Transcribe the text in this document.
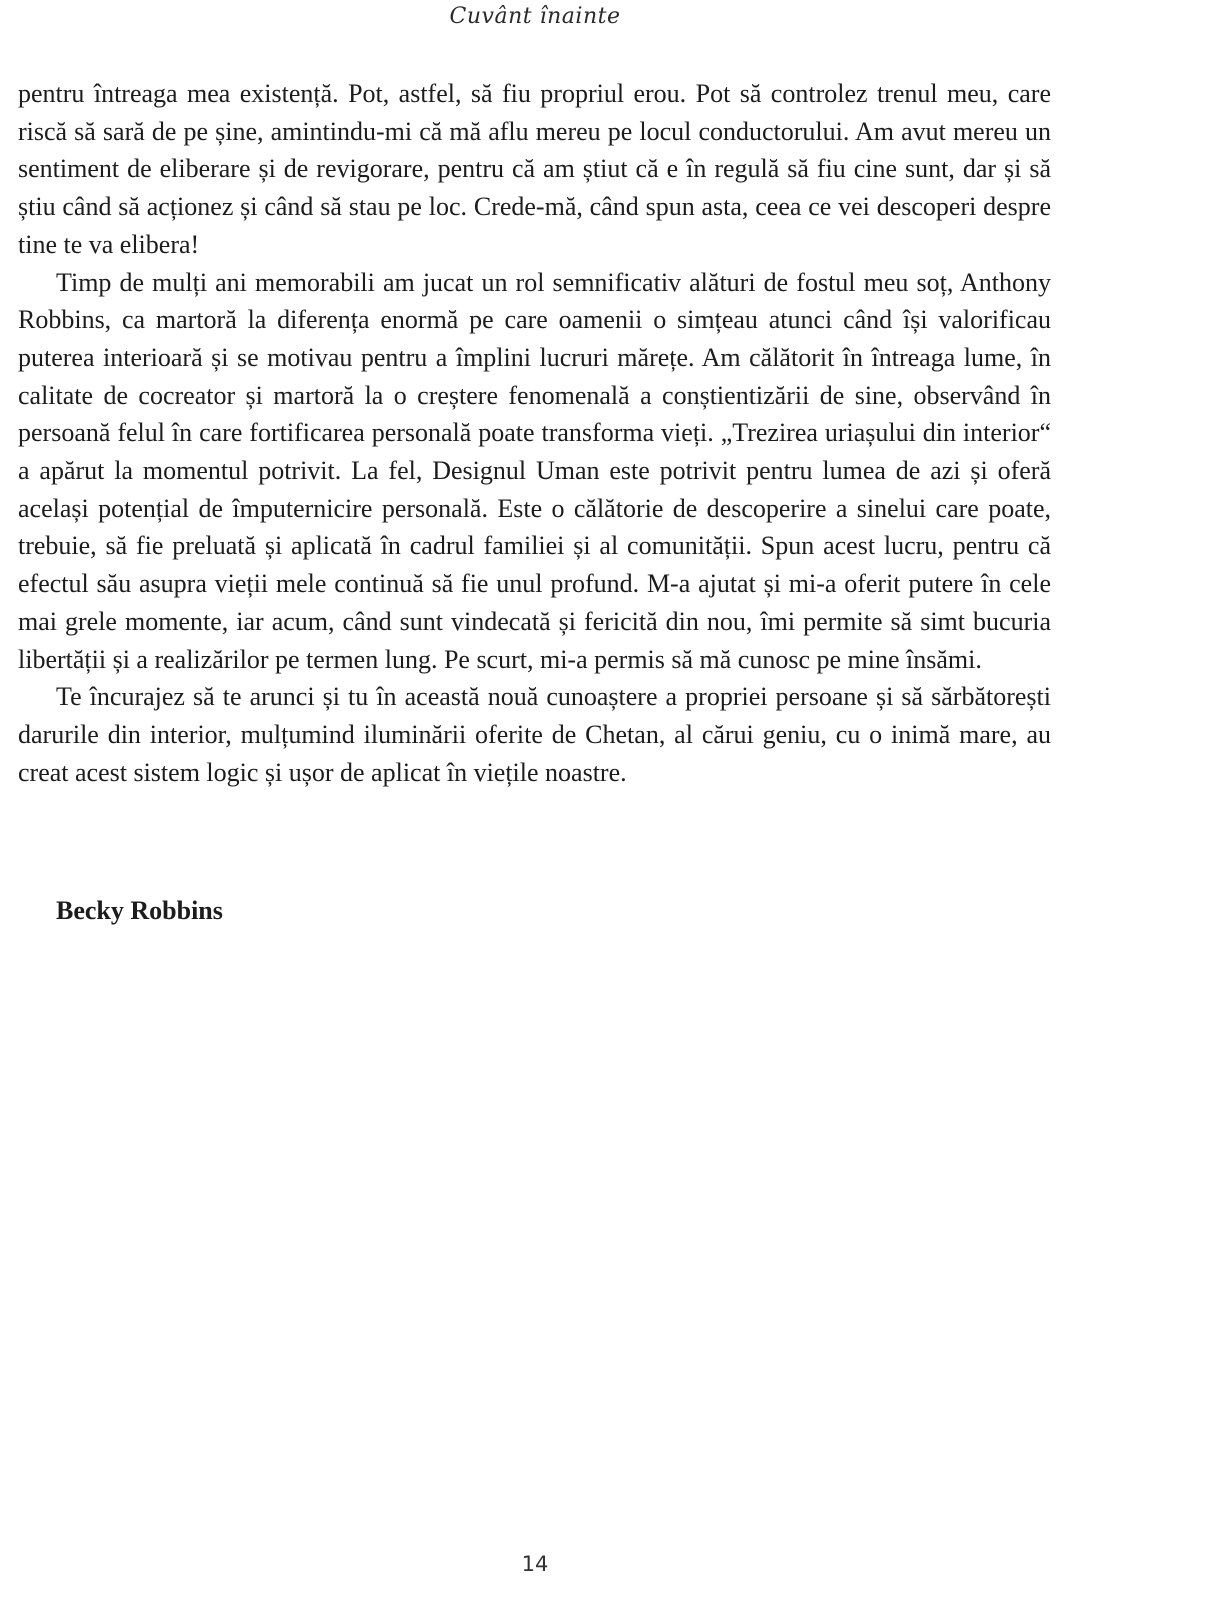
Cuvânt înainte

pentru întreaga mea existență. Pot, astfel, să fiu propriul erou. Pot să controlez trenul meu, care riscă să sară de pe șine, amintindu-mi că mă aflu mereu pe locul conductorului. Am avut mereu un sentiment de eliberare și de revigorare, pentru că am știut că e în regulă să fiu cine sunt, dar și să știu când să acționez și când să stau pe loc. Crede-mă, când spun asta, ceea ce vei descoperi despre tine te va elibera!

Timp de mulți ani memorabili am jucat un rol semnificativ alături de fostul meu soț, Anthony Robbins, ca martoră la diferența enormă pe care oamenii o simțeau atunci când își valorificau puterea interioară și se motivau pentru a împlini lucruri mărețe. Am călătorit în întreaga lume, în calitate de cocreator și martoră la o creștere fenomenală a conștientizării de sine, observând în persoană felul în care fortificarea personală poate transforma vieți. „Trezirea uriașului din interior“ a apărut la momentul potrivit. La fel, Designul Uman este potrivit pentru lumea de azi și oferă același potențial de împuternicire personală. Este o călătorie de descoperire a sinelui care poate, trebuie, să fie preluată și aplicată în cadrul familiei și al comunității. Spun acest lucru, pentru că efectul său asupra vieții mele continuă să fie unul profund. M-a ajutat și mi-a oferit putere în cele mai grele momente, iar acum, când sunt vindecată și fericită din nou, îmi permite să simt bucuria libertății și a realizărilor pe termen lung. Pe scurt, mi-a permis să mă cunosc pe mine însămi.

Te încurajez să te arunci și tu în această nouă cunoaștere a propriei persoane și să sărbătorești darurile din interior, mulțumind iluminării oferite de Chetan, al cărui geniu, cu o inimă mare, au creat acest sistem logic și ușor de aplicat în viețile noastre.

Becky Robbins

14
